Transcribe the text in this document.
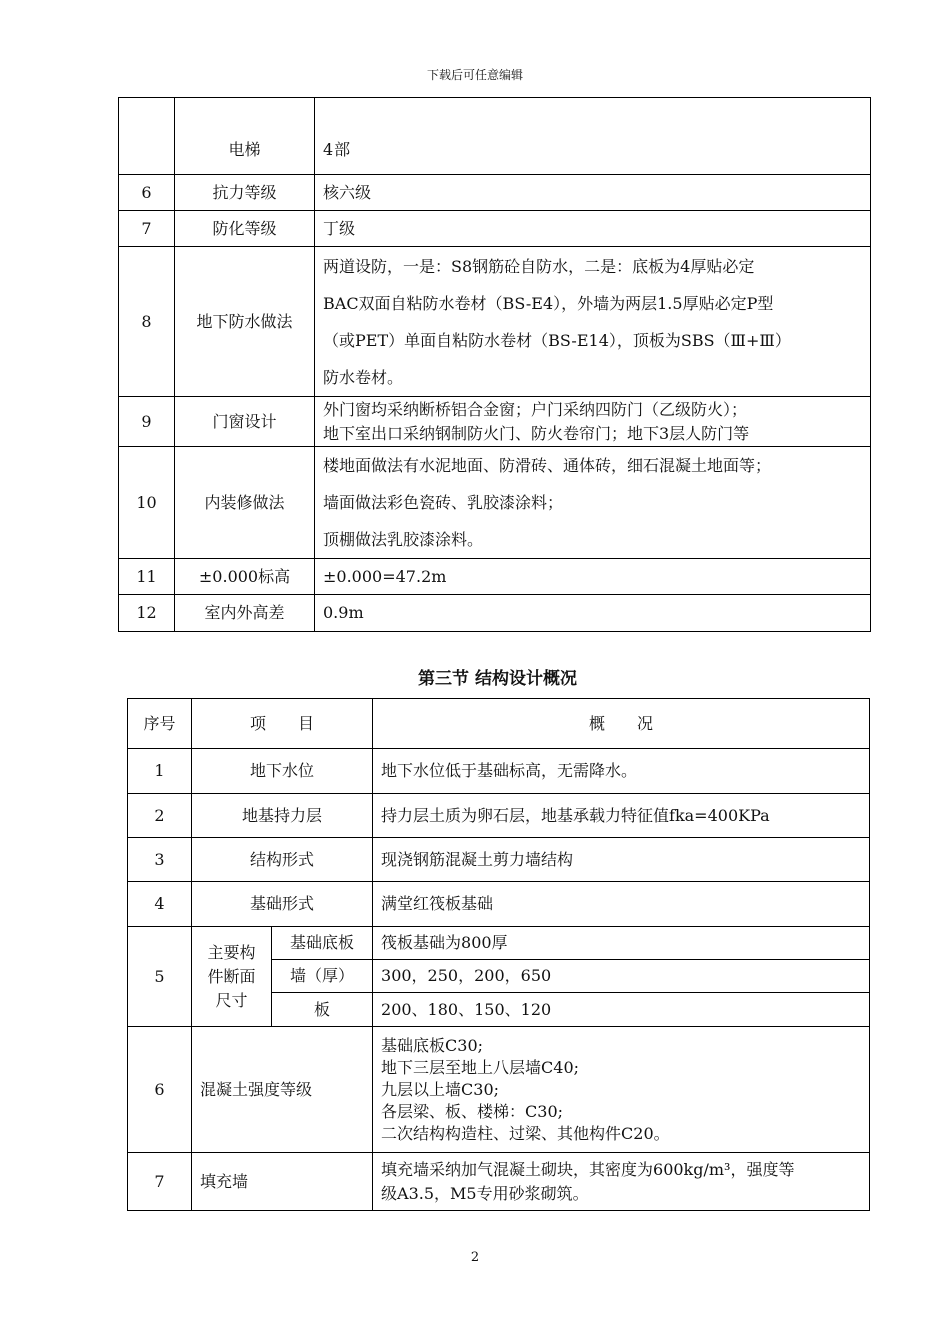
下载后可任意编辑
	电梯	4部
6	抗力等级	核六级
7	防化等级	丁级
8	地下防水做法	两道设防，一是：S8钢筋砼自防水，二是：底板为4厚贴必定
BAC双面自粘防水卷材（BS-E4），外墙为两层1.5厚贴必定P型
（或PET）单面自粘防水卷材（BS-E14），顶板为SBS（Ⅲ+Ⅲ）
防水卷材。

9	门窗设计	外门窗均采纳断桥铝合金窗；户门采纳四防门（乙级防火）；
地下室出口采纳钢制防火门、防火卷帘门；地下3层人防门等

10	内装修做法	楼地面做法有水泥地面、防滑砖、通体砖，细石混凝土地面等；
墙面做法彩色瓷砖、乳胶漆涂料；
顶棚做法乳胶漆涂料。

11	±0.000标高	±0.000=47.2m
12	室内外高差	0.9m
第三节 结构设计概况
序号	项　　目		概　　况
1	地下水位		地下水位低于基础标高，无需降水。
2	地基持力层		持力层土质为卵石层，地基承载力特征值fka=400KPa
3	结构形式		现浇钢筋混凝土剪力墙结构
4	基础形式		满堂红筏板基础
5	主要构
件断面
尺寸	基础底板	筏板基础为800厚
		墙（厚）	300，250，200，650
		板	200、180、150、120
6	混凝土强度等级		基础底板C30;
地下三层至地上八层墙C40;
九层以上墙C30;
各层梁、板、楼梯：C30;
二次结构构造柱、过梁、其他构件C20。

7	填充墙		填充墙采纳加气混凝土砌块，其密度为600kg/m³，强度等
级A3.5，M5专用砂浆砌筑。
2
